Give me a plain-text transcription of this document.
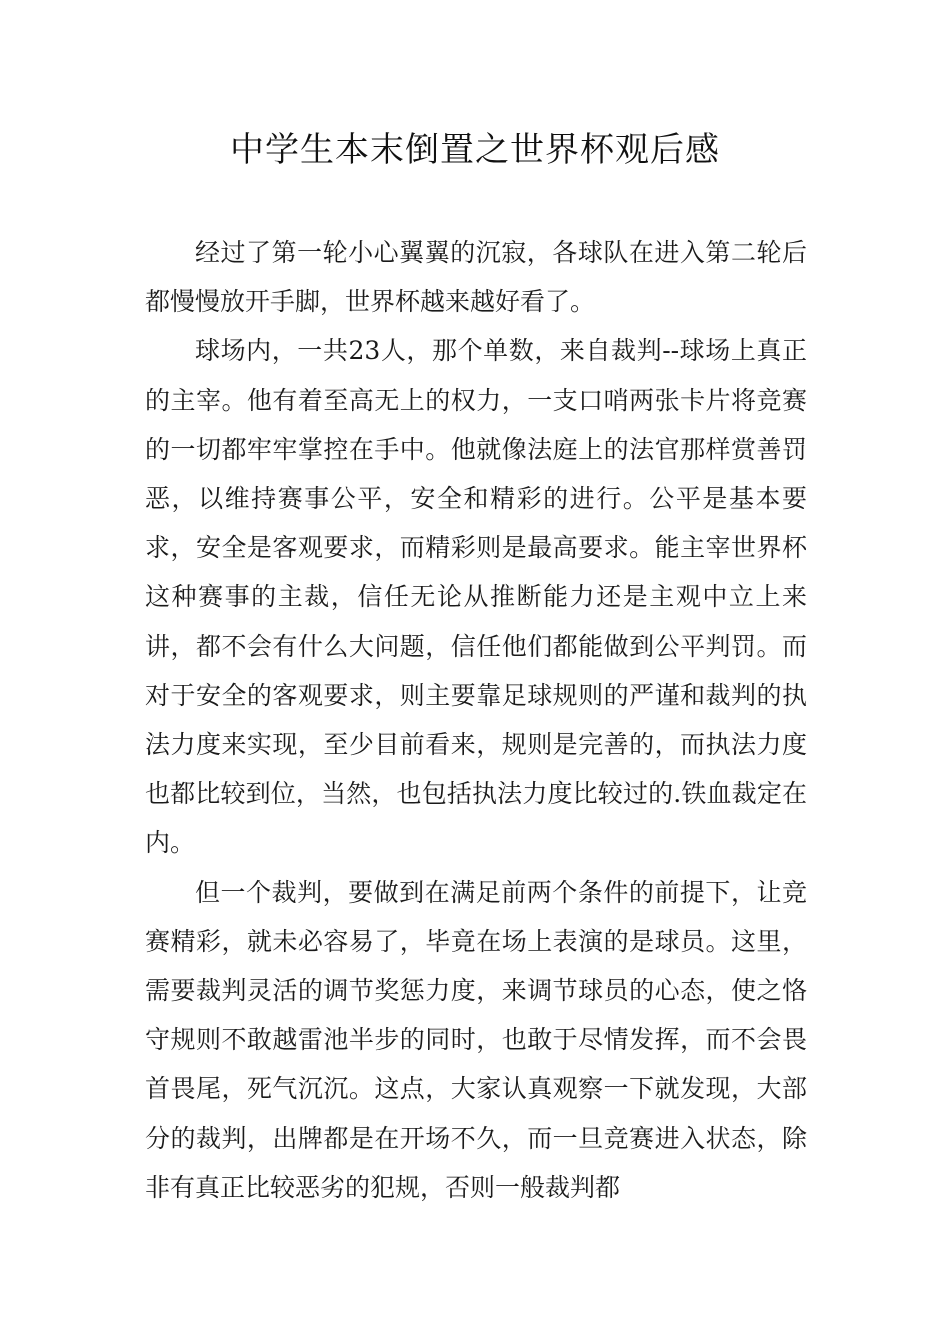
中学生本末倒置之世界杯观后感

经过了第一轮小心翼翼的沉寂，各球队在进入第二轮后都慢慢放开手脚，世界杯越来越好看了。

球场内，一共23人，那个单数，来自裁判--球场上真正的主宰。他有着至高无上的权力，一支口哨两张卡片将竞赛的一切都牢牢掌控在手中。他就像法庭上的法官那样赏善罚恶，以维持赛事公平，安全和精彩的进行。公平是基本要求，安全是客观要求，而精彩则是最高要求。能主宰世界杯这种赛事的主裁，信任无论从推断能力还是主观中立上来讲，都不会有什么大问题，信任他们都能做到公平判罚。而对于安全的客观要求，则主要靠足球规则的严谨和裁判的执法力度来实现，至少目前看来，规则是完善的，而执法力度也都比较到位，当然，也包括执法力度比较过的.铁血裁定在内。

但一个裁判，要做到在满足前两个条件的前提下，让竞赛精彩，就未必容易了，毕竟在场上表演的是球员。这里，需要裁判灵活的调节奖惩力度，来调节球员的心态，使之恪守规则不敢越雷池半步的同时，也敢于尽情发挥，而不会畏首畏尾，死气沉沉。这点，大家认真观察一下就发现，大部分的裁判，出牌都是在开场不久，而一旦竞赛进入状态，除非有真正比较恶劣的犯规，否则一般裁判都
